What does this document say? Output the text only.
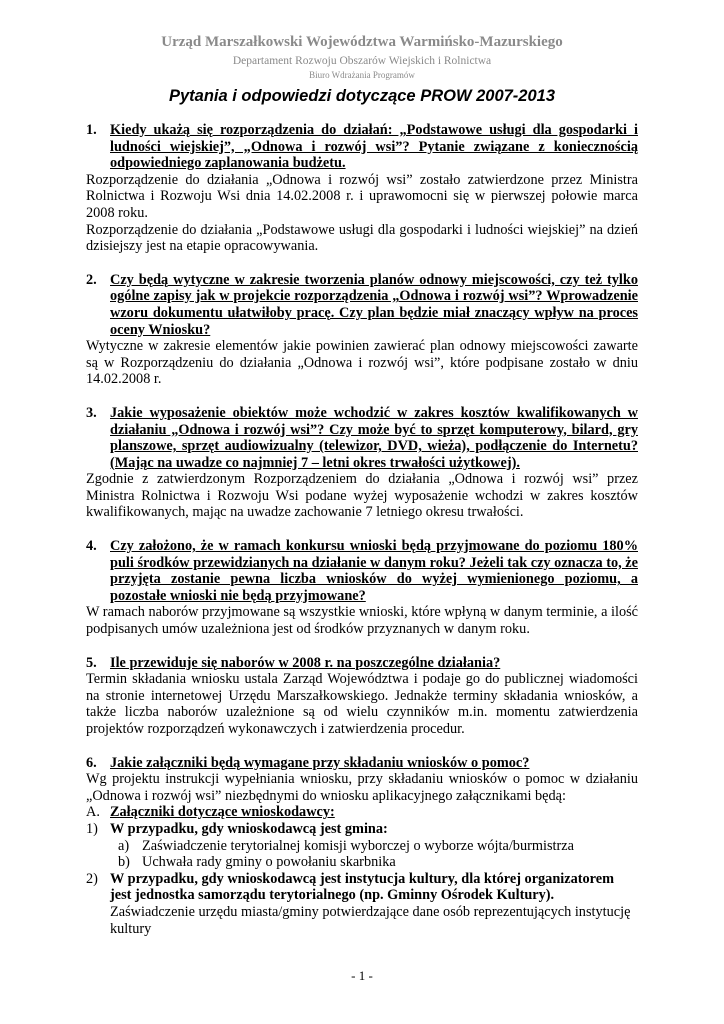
Urząd Marszałkowski Województwa Warmińsko-Mazurskiego
Departament Rozwoju Obszarów Wiejskich i Rolnictwa
Biuro Wdrażania Programów
Pytania i odpowiedzi dotyczące PROW 2007-2013
1. Kiedy ukażą się rozporządzenia do działań: „Podstawowe usługi dla gospodarki i ludności wiejskiej”, „Odnowa i rozwój wsi”? Pytanie związane z koniecznością odpowiedniego zaplanowania budżetu.

Rozporządzenie do działania „Odnowa i rozwój wsi” zostało zatwierdzone przez Ministra Rolnictwa i Rozwoju Wsi dnia 14.02.2008 r. i uprawomocni się w pierwszej połowie marca 2008 roku.

Rozporządzenie do działania „Podstawowe usługi dla gospodarki i ludności wiejskiej” na dzień dzisiejszy jest na etapie opracowywania.

2. Czy będą wytyczne w zakresie tworzenia planów odnowy miejscowości, czy też tylko ogólne zapisy jak w projekcie rozporządzenia „Odnowa i rozwój wsi”? Wprowadzenie wzoru dokumentu ułatwiłoby pracę. Czy plan będzie miał znaczący wpływ na proces oceny Wniosku?

Wytyczne w zakresie elementów jakie powinien zawierać plan odnowy miejscowości zawarte są w Rozporządzeniu do działania „Odnowa i rozwój wsi”, które podpisane zostało w dniu 14.02.2008 r.

3. Jakie wyposażenie obiektów może wchodzić w zakres kosztów kwalifikowanych w działaniu „Odnowa i rozwój wsi”? Czy może być to sprzęt komputerowy, bilard, gry planszowe, sprzęt audiowizualny (telewizor, DVD, wieża), podłączenie do Internetu? (Mając na uwadze co najmniej 7 – letni okres trwałości użytkowej).

Zgodnie z zatwierdzonym Rozporządzeniem do działania „Odnowa i rozwój wsi” przez Ministra Rolnictwa i Rozwoju Wsi podane wyżej wyposażenie wchodzi w zakres kosztów kwalifikowanych, mając na uwadze zachowanie 7 letniego okresu trwałości.

4. Czy założono, że w ramach konkursu wnioski będą przyjmowane do poziomu 180% puli środków przewidzianych na działanie w danym roku? Jeżeli tak czy oznacza to, że przyjęta zostanie pewna liczba wniosków do wyżej wymienionego poziomu, a pozostałe wnioski nie będą przyjmowane?

W ramach naborów przyjmowane są wszystkie wnioski, które wpłyną w danym terminie, a ilość podpisanych umów uzależniona jest od środków przyznanych w danym roku.

5. Ile przewiduje się naborów w 2008 r. na poszczególne działania?

Termin składania wniosku ustala Zarząd Województwa i podaje go do publicznej wiadomości na stronie internetowej Urzędu Marszałkowskiego. Jednakże terminy składania wniosków, a także liczba naborów uzależnione są od wielu czynników m.in. momentu zatwierdzenia projektów rozporządzeń wykonawczych i zatwierdzenia procedur.

6. Jakie załączniki będą wymagane przy składaniu wniosków o pomoc?

Wg projektu instrukcji wypełniania wniosku, przy składaniu wniosków o pomoc w działaniu „Odnowa i rozwój wsi” niezbędnymi do wniosku aplikacyjnego załącznikami będą:

A. Załączniki dotyczące wnioskodawcy:
1) W przypadku, gdy wnioskodawcą jest gmina:
a) Zaświadczenie terytorialnej komisji wyborczej o wyborze wójta/burmistrza
b) Uchwała rady gminy o powołaniu skarbnika
2) W przypadku, gdy wnioskodawcą jest instytucja kultury, dla której organizatorem jest jednostka samorządu terytorialnego (np. Gminny Ośrodek Kultury).
Zaświadczenie urzędu miasta/gminy potwierdzające dane osób reprezentujących instytucję kultury
- 1 -
